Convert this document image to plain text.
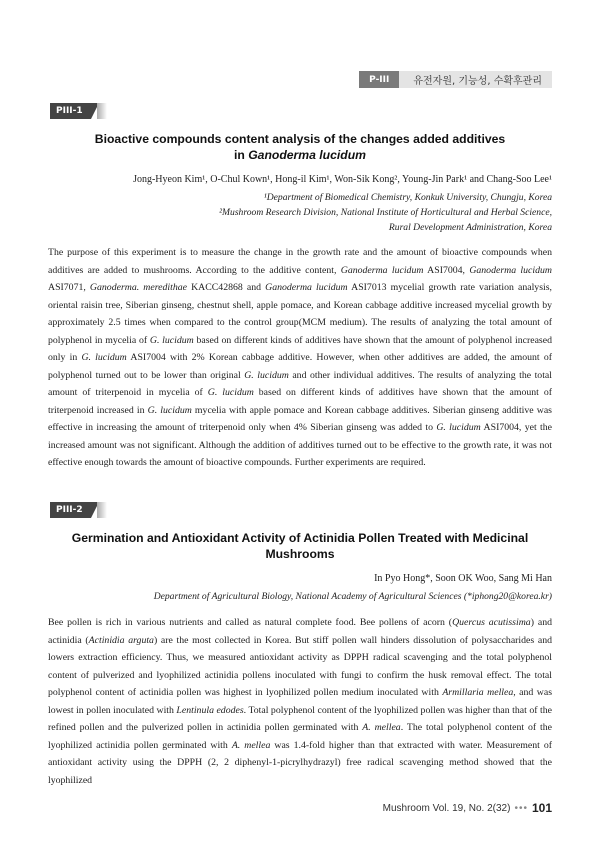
P-III	유전자원, 기능성, 수확후관리
PIII-1
Bioactive compounds content analysis of the changes added additives
in Ganoderma lucidum
Jong-Hyeon Kim¹, O-Chul Kown¹, Hong-il Kim¹, Won-Sik Kong², Young-Jin Park¹ and Chang-Soo Lee¹
¹Department of Biomedical Chemistry, Konkuk University, Chungju, Korea
²Mushroom Research Division, National Institute of Horticultural and Herbal Science,
Rural Development Administration, Korea
The purpose of this experiment is to measure the change in the growth rate and the amount of bioactive compounds when additives are added to mushrooms. According to the additive content, Ganoderma lucidum ASI7004, Ganoderma lucidum ASI7071, Ganoderma. meredithae KACC42868 and Ganoderma lucidum ASI7013 mycelial growth rate variation analysis, oriental raisin tree, Siberian ginseng, chestnut shell, apple pomace, and Korean cabbage additive increased mycelial growth by approximately 2.5 times when compared to the control group(MCM medium). The results of analyzing the total amount of polyphenol in mycelia of G. lucidum based on different kinds of additives have shown that the amount of polyphenol increased only in G. lucidum ASI7004 with 2% Korean cabbage additive. However, when other additives are added, the amount of polyphenol turned out to be lower than original G. lucidum and other individual additives. The results of analyzing the total amount of triterpenoid in mycelia of G. lucidum based on different kinds of additives have shown that the amount of triterpenoid increased in G. lucidum mycelia with apple pomace and Korean cabbage additives. Siberian ginseng additive was effective in increasing the amount of triterpenoid only when 4% Siberian ginseng was added to G. lucidum ASI7004, yet the increased amount was not significant. Although the addition of additives turned out to be effective to the growth rate, it was not effective enough towards the amount of bioactive compounds. Further experiments are required.
PIII-2
Germination and Antioxidant Activity of Actinidia Pollen Treated with Medicinal
Mushrooms
In Pyo Hong*, Soon OK Woo, Sang Mi Han
Department of Agricultural Biology, National Academy of Agricultural Sciences (*iphong20@korea.kr)
Bee pollen is rich in various nutrients and called as natural complete food. Bee pollens of acorn (Quercus acutissima) and actinidia (Actinidia arguta) are the most collected in Korea. But stiff pollen wall hinders dissolution of polysaccharides and lowers extraction efficiency. Thus, we measured antioxidant activity as DPPH radical scavenging and the total polyphenol content of pulverized and lyophilized actinidia pollens inoculated with fungi to confirm the husk removal effect. The total polyphenol content of actinidia pollen was highest in lyophilized pollen medium inoculated with Armillaria mellea, and was lowest in pollen inoculated with Lentinula edodes. Total polyphenol content of the lyophilized pollen was higher than that of the refined pollen and the pulverized pollen in actinidia pollen germinated with A. mellea. The total polyphenol content of the lyophilized actinidia pollen germinated with A. mellea was 1.4-fold higher than that extracted with water. Measurement of antioxidant activity using the DPPH (2, 2 diphenyl-1-picrylhydrazyl) free radical scavenging method showed that the lyophilized
Mushroom Vol. 19, No. 2(32) ••• 101
